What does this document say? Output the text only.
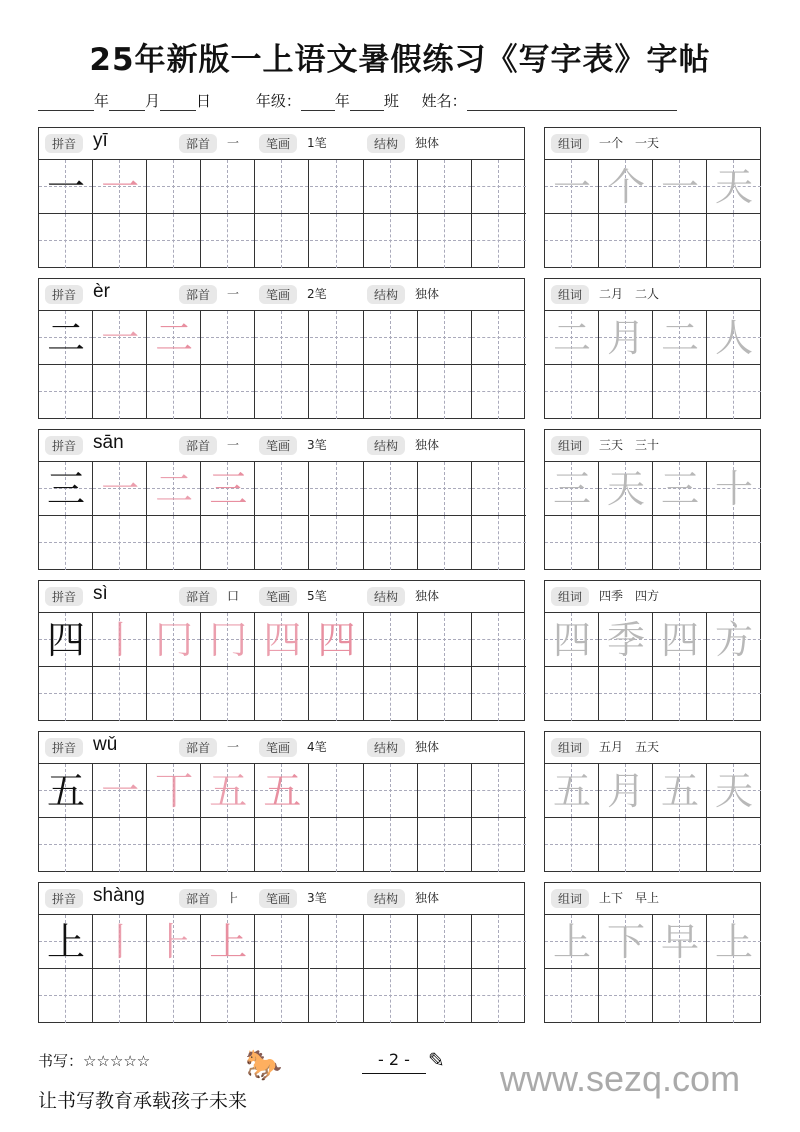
25年新版一上语文暑假练习《写字表》字帖
年 月 日	年级： 年 班 姓名：
拼音 yī	部首	一	笔画	1笔	结构	独体
一 一
组词	一个　一天
一 个 一 天
拼音 èr	部首	一	笔画	2笔	结构	独体
二 一 二
组词	二月　二人
二 月 二 人
拼音 sān	部首	一	笔画	3笔	结构	独体
三 一 二 三
组词	三天　三十
三 天 三 十
拼音 sì	部首	口	笔画	5笔	结构	独体
四 丨 冂 冂 四 四
组词	四季　四方
四 季 四 方
拼音 wǔ	部首	一	笔画	4笔	结构	独体
五 一 丅 五 五
组词	五月　五天
五 月 五 天
拼音 shàng	部首	⺊	笔画	3笔	结构	独体
上 丨 ⺊ 上
组词	上下　早上
上 下 早 上
书写：☆☆☆☆☆	🐎	- 2 - ✎
让书写教育承载孩子未来
www.sezq.com
